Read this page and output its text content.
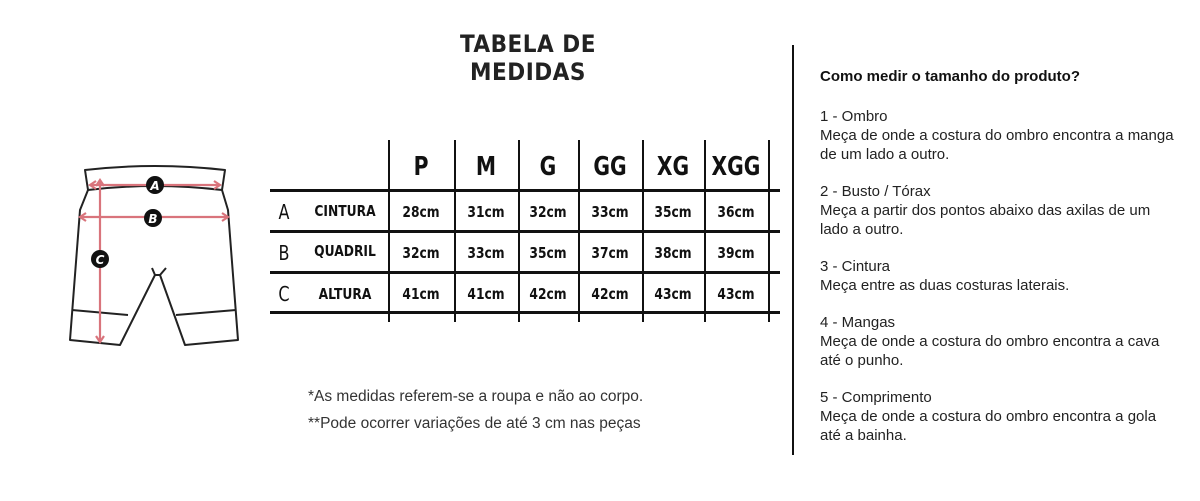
TABELA DE MEDIDAS
A
B
C
P	M	G	GG	XG XGG
A	CINTURA	28cm	31cm	32cm	33cm	35cm	36cm
B	QUADRIL	32cm	33cm	35cm	37cm	38cm	39cm
C	ALTURA	41cm	41cm	42cm	42cm	43cm	43cm
*As medidas referem-se a roupa e não ao corpo.
**Pode ocorrer variações de até 3 cm nas peças
Como medir o tamanho do produto?
1 - Ombro
Meça de onde a costura do ombro encontra a manga de um lado a outro.
2 - Busto / Tórax
Meça a partir dos pontos abaixo das axilas de um lado a outro.
3 - Cintura
Meça entre as duas costuras laterais.
4 - Mangas
Meça de onde a costura do ombro encontra a cava até o punho.
5 - Comprimento
Meça de onde a costura do ombro encontra a gola até a bainha.
